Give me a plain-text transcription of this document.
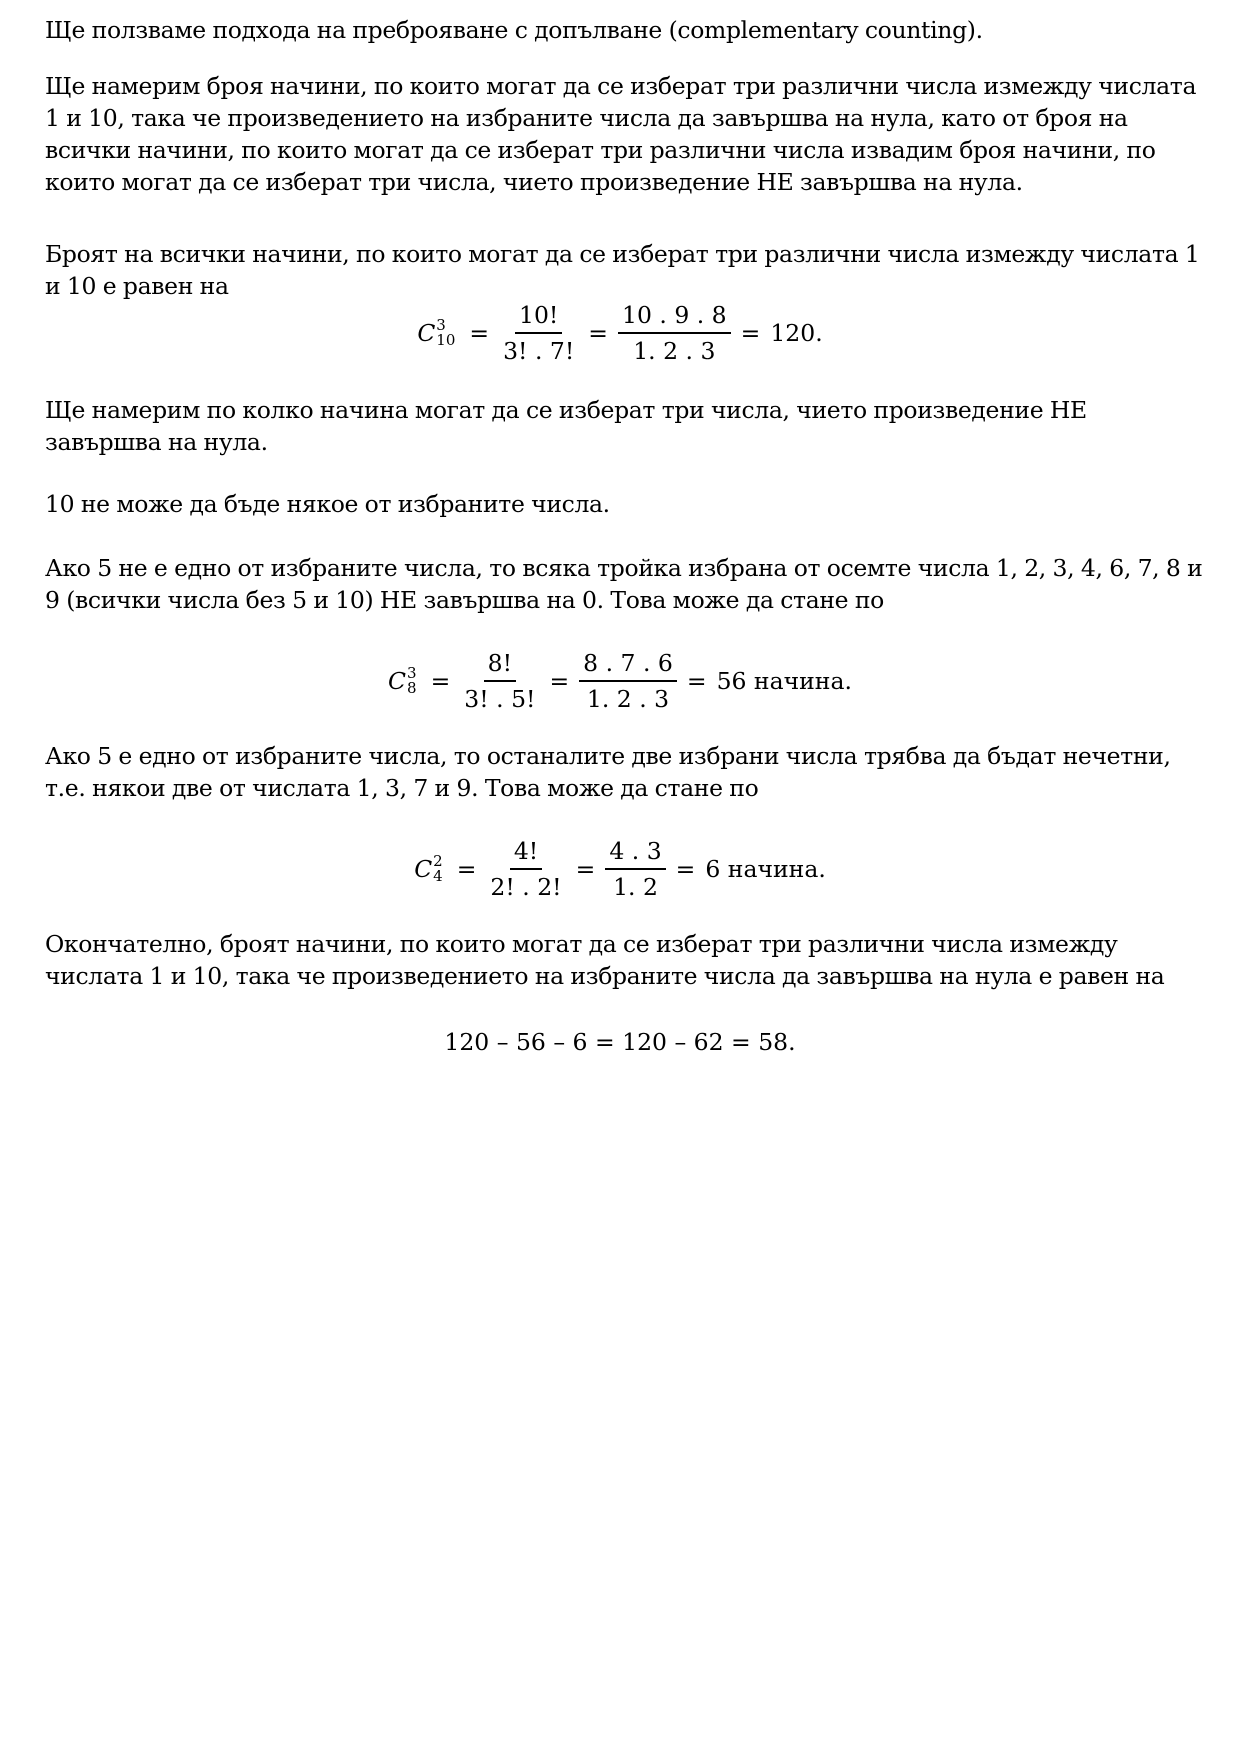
Ще ползваме подхода на преброяване с допълване (complementary counting).

Ще намерим броя начини, по които могат да се изберат три различни числа измежду числата 1 и 10, така че произведението на избраните числа да завършва на нула, като от броя на всички начини, по които могат да се изберат три различни числа извадим броя начини, по които могат да се изберат три числа, чието произведение НЕ завършва на нула.

Броят на всички начини, по които могат да се изберат три различни числа измежду числата 1 и 10 е равен на

C 3
$10 = \frac{10!}{3! . 7!} = \frac{10 . 9 . 8}{1. 2 . 3} = 120$.

Ще намерим по колко начина могат да се изберат три числа, чието произведение НЕ завършва на нула.

10 не може да бъде някое от избраните числа.

Ако 5 не е едно от избраните числа, то всяка тройка избрана от осемте числа 1, 2, 3, 4, 6, 7, 8 и 9 (всички числа без 5 и 10) НЕ завършва на 0. Това може да стане по

C 3
$8 = \frac{8!}{3! . 5!} = \frac{8 . 7 . 6}{1. 2 . 3} = 56$ начина.

Ако 5 е едно от избраните числа, то останалите две избрани числа трябва да бъдат нечетни, т.е. някои две от числата 1, 3, 7 и 9. Това може да стане по

C 2
$4 = \frac{4!}{2! . 2!} = \frac{4 . 3}{1. 2} = 6$ начина.

Окончателно, броят начини, по които могат да се изберат три различни числа измежду числата 1 и 10, така че произведението на избраните числа да завършва на нула е равен на

120 – 56 – 6 = 120 – 62 = 58.
